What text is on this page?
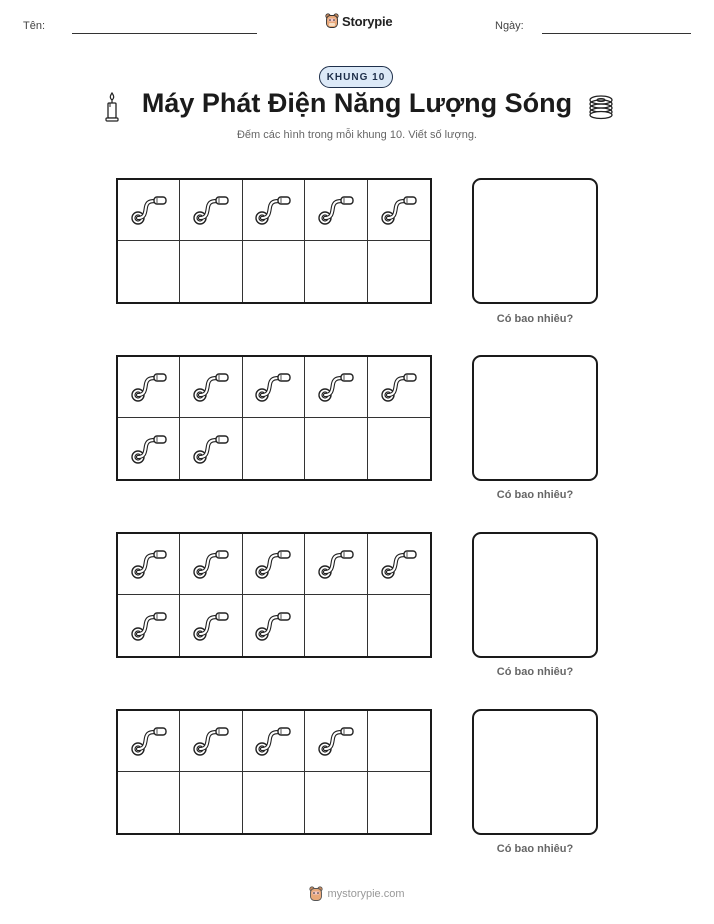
Tên:	Storypie	Ngày:
KHUNG 10
Máy Phát Điện Năng Lượng Sóng
Đếm các hình trong mỗi khung 10. Viết số lượng.
Có bao nhiêu?
Có bao nhiêu?
Có bao nhiêu?
Có bao nhiêu?
mystorypie.com
